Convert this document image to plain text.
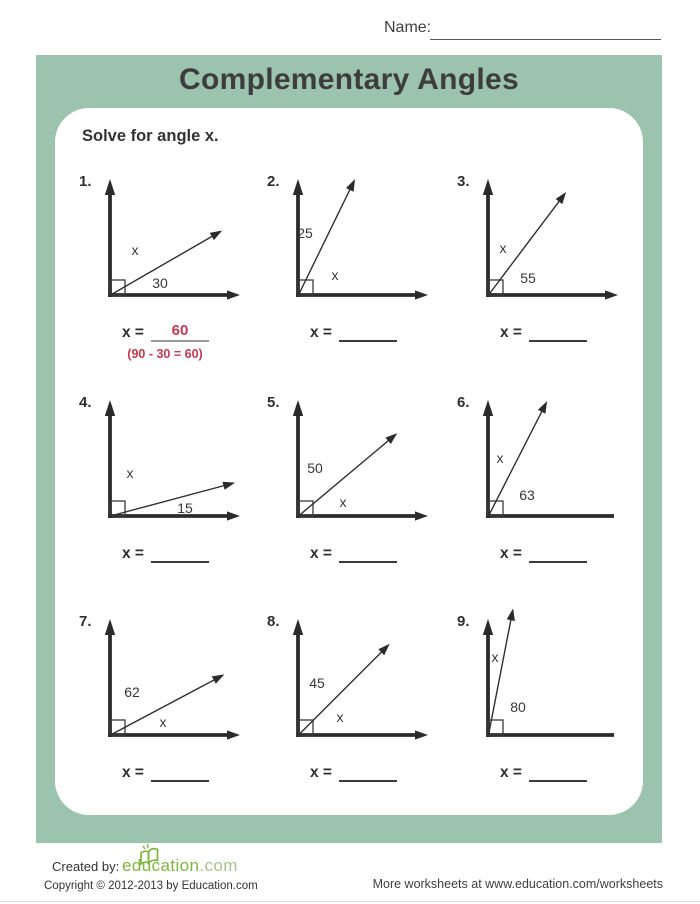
Name:
Complementary Angles
Solve for angle x.
1.
x
30
x =	60
(90 - 30 = 60)
2.
25
x
x =
3.
x
55
x =
4.
x
15
x =
5.
50
x
x =
6.
x
63
x =
7.
62
x
x =
8.
45
x
x =
9.
x
80
x =
Created by: education.com
Copyright © 2012-2013 by Education.com	More worksheets at www.education.com/worksheets
